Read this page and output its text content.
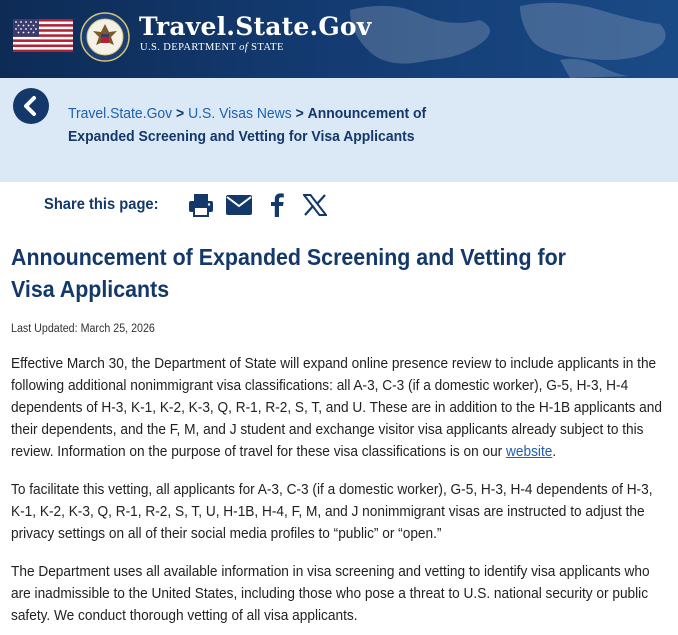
Travel.State.Gov
U.S. DEPARTMENT of STATE
Travel.State.Gov > U.S. Visas News > Announcement of Expanded Screening and Vetting for Visa Applicants
Share this page:
Announcement of Expanded Screening and Vetting for Visa Applicants
Last Updated: March 25, 2026

Effective March 30, the Department of State will expand online presence review to include applicants in the following additional nonimmigrant visa classifications: all A-3, C-3 (if a domestic worker), G-5, H-3, H-4 dependents of H-3, K-1, K-2, K-3, Q, R-1, R-2, S, T, and U. These are in addition to the H-1B applicants and their dependents, and the F, M, and J student and exchange visitor visa applicants already subject to this review. Information on the purpose of travel for these visa classifications is on our website.

To facilitate this vetting, all applicants for A-3, C-3 (if a domestic worker), G-5, H-3, H-4 dependents of H-3, K-1, K-2, K-3, Q, R-1, R-2, S, T, U, H-1B, H-4, F, M, and J nonimmigrant visas are instructed to adjust the privacy settings on all of their social media profiles to “public” or “open.”

The Department uses all available information in visa screening and vetting to identify visa applicants who are inadmissible to the United States, including those who pose a threat to U.S. national security or public safety. We conduct thorough vetting of all visa applicants.
